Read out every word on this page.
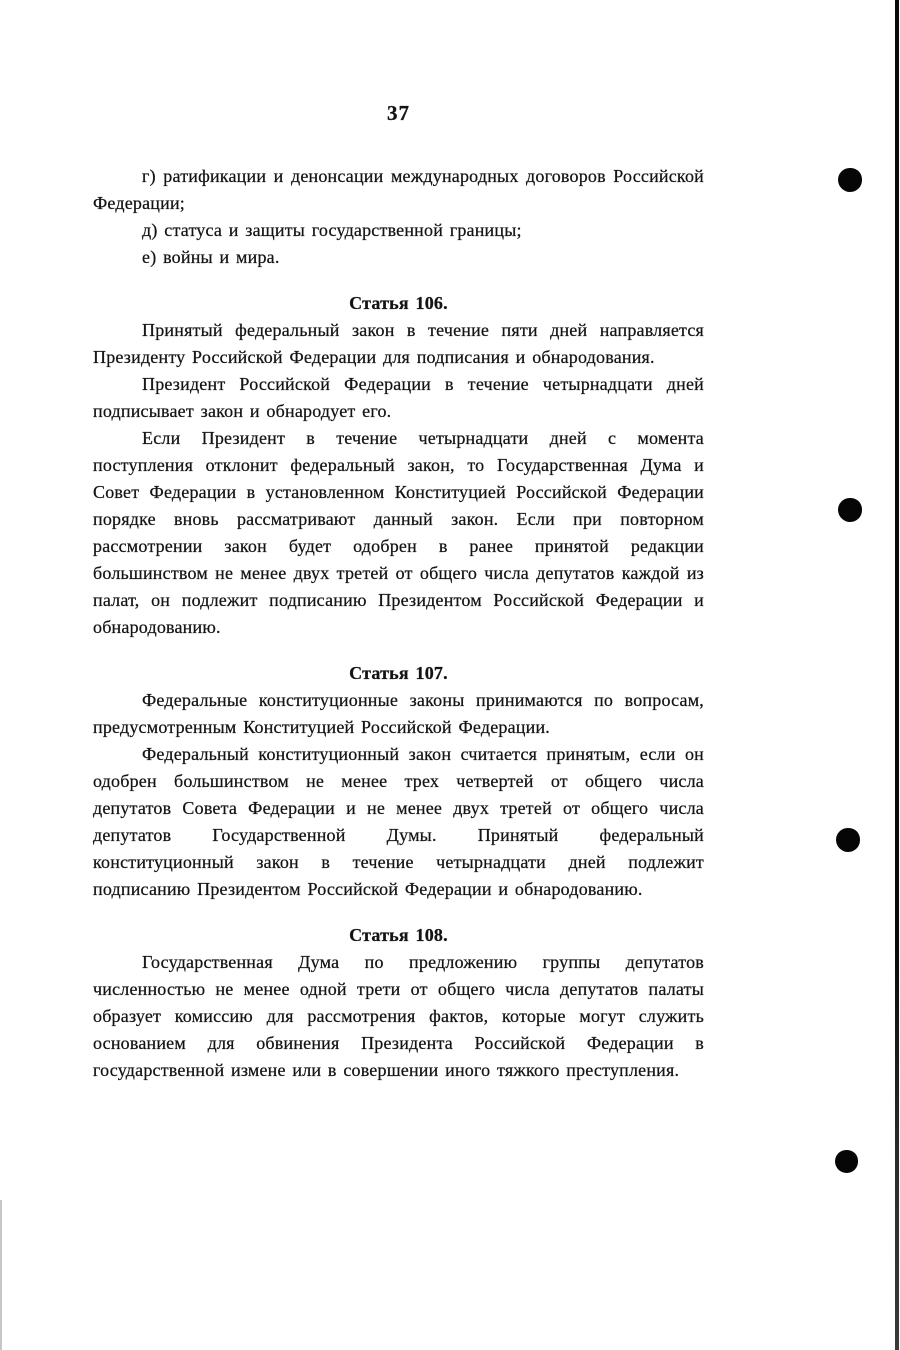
37

г) ратификации и денонсации международных договоров Российской Федерации;

д) статуса и защиты государственной границы;

е) войны и мира.

Статья 106.

Принятый федеральный закон в течение пяти дней направляется Президенту Российской Федерации для подписания и обнародования.

Президент Российской Федерации в течение четырнадцати дней подписывает закон и обнародует его.

Если Президент в течение четырнадцати дней с момента поступления отклонит федеральный закон, то Государственная Дума и Совет Федерации в установленном Конституцией Российской Федерации порядке вновь рассматривают данный закон. Если при повторном рассмотрении закон будет одобрен в ранее принятой редакции большинством не менее двух третей от общего числа депутатов каждой из палат, он подлежит подписанию Президентом Российской Федерации и обнародованию.

Статья 107.

Федеральные конституционные законы принимаются по вопросам, предусмотренным Конституцией Российской Федерации.

Федеральный конституционный закон считается принятым, если он одобрен большинством не менее трех четвертей от общего числа депутатов Совета Федерации и не менее двух третей от общего числа депутатов Государственной Думы. Принятый федеральный конституционный закон в течение четырнадцати дней подлежит подписанию Президентом Российской Федерации и обнародованию.

Статья 108.

Государственная Дума по предложению группы депутатов численностью не менее одной трети от общего числа депутатов палаты образует комиссию для рассмотрения фактов, которые могут служить основанием для обвинения Президента Российской Федерации в государственной измене или в совершении иного тяжкого преступления.
